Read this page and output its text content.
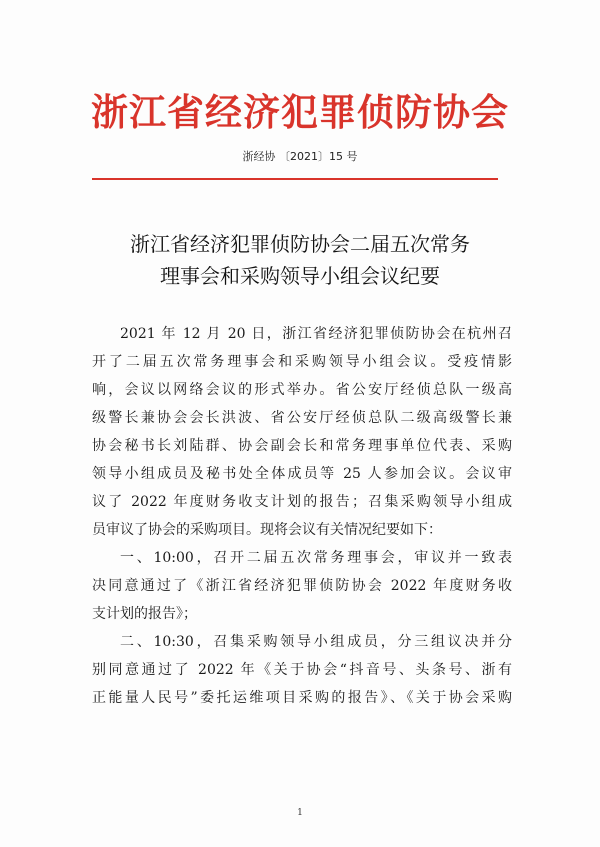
浙江省经济犯罪侦防协会
浙经协 〔2021〕15 号
浙江省经济犯罪侦防协会二届五次常务
理事会和采购领导小组会议纪要
2021 年 12 月 20 日，浙江省经济犯罪侦防协会在杭州召
开了二届五次常务理事会和采购领导小组会议。受疫情影
响，会议以网络会议的形式举办。省公安厅经侦总队一级高
级警长兼协会会长洪波、省公安厅经侦总队二级高级警长兼
协会秘书长刘陆群、协会副会长和常务理事单位代表、采购
领导小组成员及秘书处全体成员等 25 人参加会议。会议审
议了 2022 年度财务收支计划的报告；召集采购领导小组成
员审议了协会的采购项目。现将会议有关情况纪要如下：
一、10:00，召开二届五次常务理事会，审议并一致表
决同意通过了《浙江省经济犯罪侦防协会 2022 年度财务收
支计划的报告》；
二、10:30，召集采购领导小组成员，分三组议决并分
别同意通过了 2022 年《关于协会“抖音号、头条号、浙有
正能量人民号”委托运维项目采购的报告》、《关于协会采购
1
